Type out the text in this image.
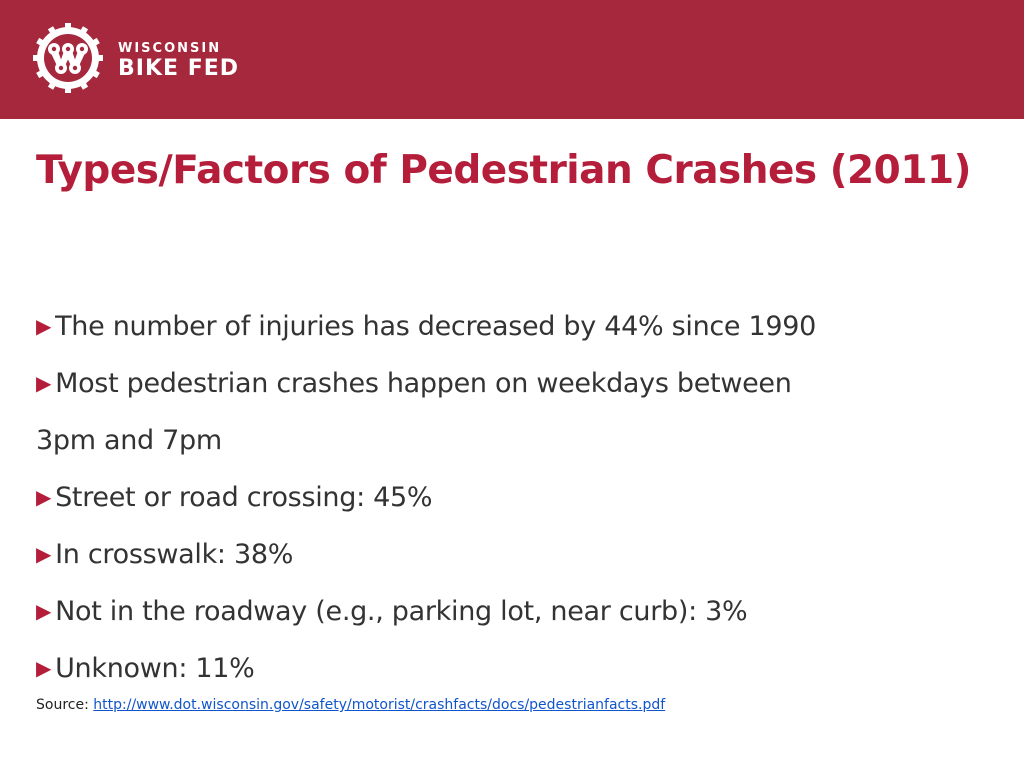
WISCONSIN
BIKE FED
Types/Factors of Pedestrian Crashes (2011)
▶ The number of injuries has decreased by 44% since 1990
▶ Most pedestrian crashes happen on weekdays between
3pm and 7pm
▶ Street or road crossing: 45%
▶ In crosswalk: 38%
▶ Not in the roadway (e.g., parking lot, near curb): 3%
▶ Unknown: 11%
Source: http://www.dot.wisconsin.gov/safety/motorist/crashfacts/docs/pedestrianfacts.pdf
